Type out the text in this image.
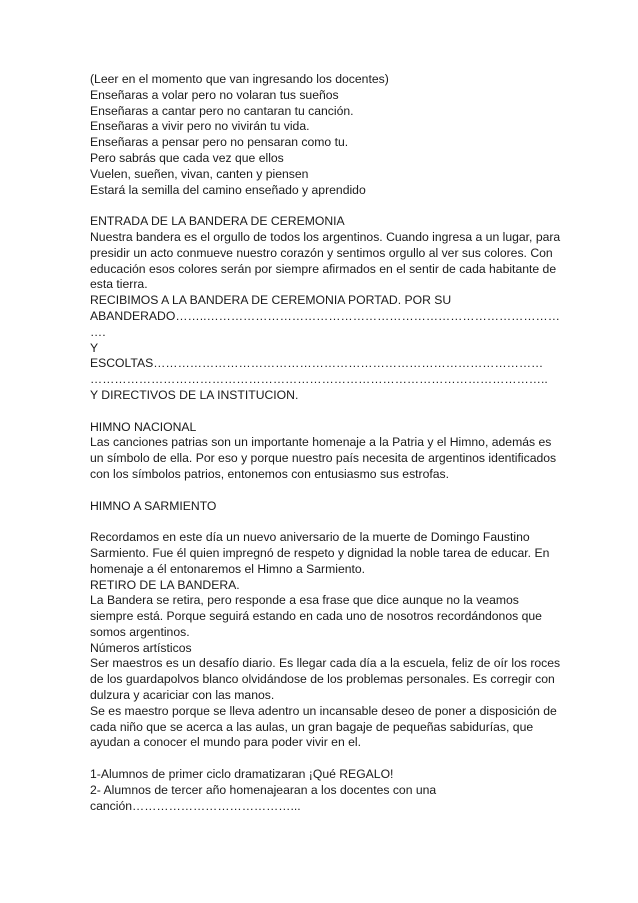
(Leer en el momento que van ingresando los docentes)
Enseñaras a volar pero no volaran tus sueños
Enseñaras a cantar pero no cantaran tu canción.
Enseñaras a vivir pero no vivirán tu vida.
Enseñaras a pensar pero no pensaran como tu.
Pero sabrás que cada vez que ellos
Vuelen, sueñen, vivan, canten y piensen
Estará la semilla del camino enseñado y aprendido
ENTRADA DE LA BANDERA DE CEREMONIA
Nuestra bandera es el orgullo de todos los argentinos. Cuando ingresa a un lugar, para
presidir un acto conmueve nuestro corazón y sentimos orgullo al ver sus colores. Con
educación esos colores serán por siempre afirmados en el sentir de cada habitante de
esta tierra.
RECIBIMOS A LA BANDERA DE CEREMONIA PORTAD. POR SU
ABANDERADO……..……………………………………………………………………………
….
Y
ESCOLTAS……………………………………………………………………………………
…………………………………………………………………………………………………..
Y DIRECTIVOS DE LA INSTITUCION.
HIMNO NACIONAL
Las canciones patrias son un importante homenaje a la Patria y el Himno, además es
un símbolo de ella. Por eso y porque nuestro país necesita de argentinos identificados
con los símbolos patrios, entonemos con entusiasmo sus estrofas.
HIMNO A SARMIENTO
Recordamos en este día un nuevo aniversario de la muerte de Domingo Faustino
Sarmiento. Fue él quien impregnó de respeto y dignidad la noble tarea de educar. En
homenaje a él entonaremos el Himno a Sarmiento.
RETIRO DE LA BANDERA.
La Bandera se retira, pero responde a esa frase que dice aunque no la veamos
siempre está. Porque seguirá estando en cada uno de nosotros recordándonos que
somos argentinos.
Números artísticos
Ser maestros es un desafío diario. Es llegar cada día a la escuela, feliz de oír los roces
de los guardapolvos blanco olvidándose de los problemas personales. Es corregir con
dulzura y acariciar con las manos.
Se es maestro porque se lleva adentro un incansable deseo de poner a disposición de
cada niño que se acerca a las aulas, un gran bagaje de pequeñas sabidurías, que
ayudan a conocer el mundo para poder vivir en el.
1-Alumnos de primer ciclo dramatizaran ¡Qué REGALO!
2- Alumnos de tercer año homenajearan a los docentes con una
canción…………………………………...
